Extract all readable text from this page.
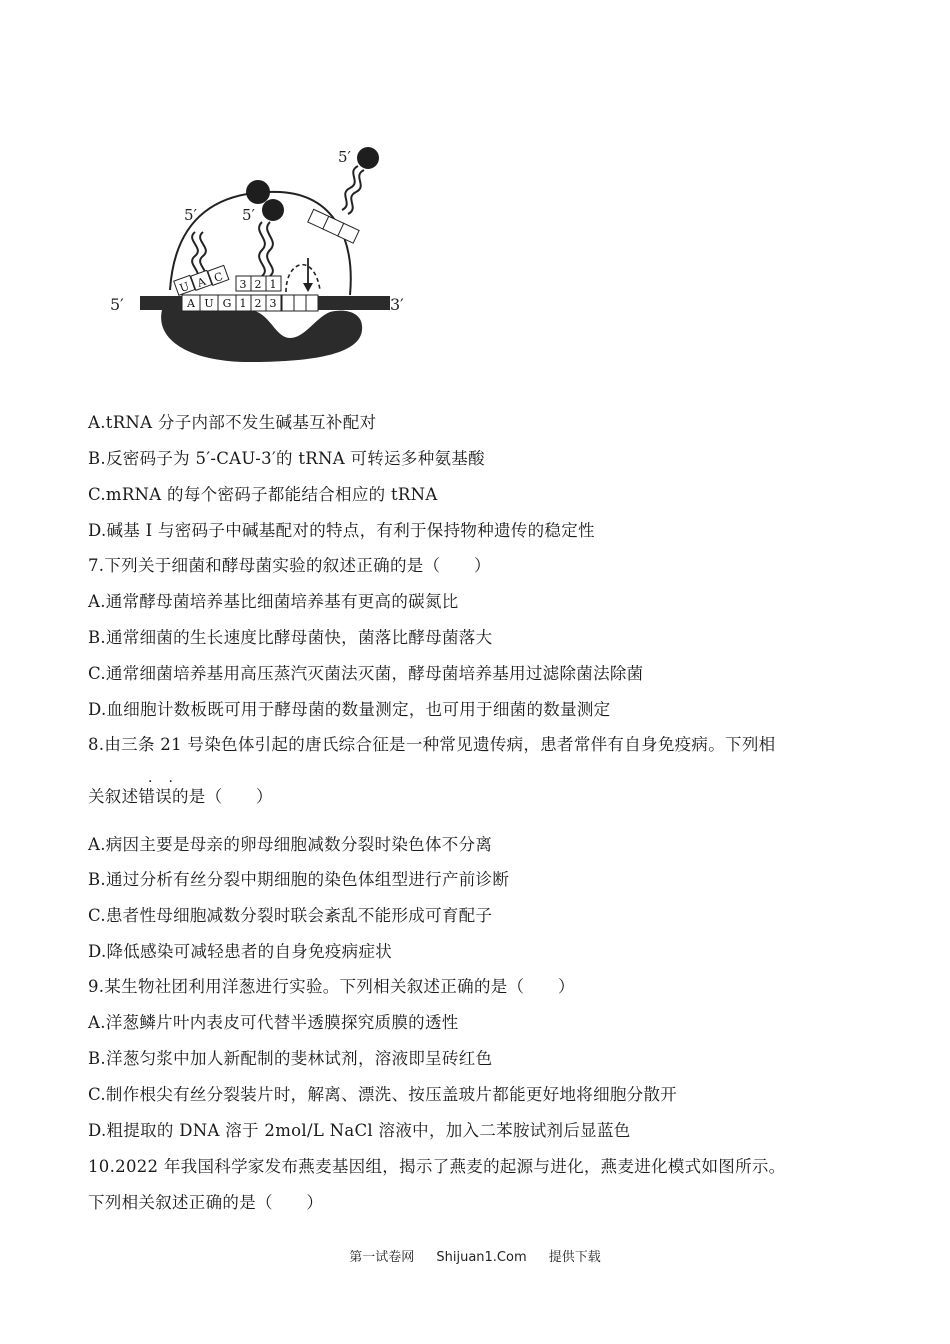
A U G 1 2 3
5′	3′
U A C
5′
3 2 1
5′
5′
A.tRNA 分子内部不发生碱基互补配对
B.反密码子为 5′-CAU-3′的 tRNA 可转运多种氨基酸
C.mRNA 的每个密码子都能结合相应的 tRNA
D.碱基 I 与密码子中碱基配对的特点，有利于保持物种遗传的稳定性
7.下列关于细菌和酵母菌实验的叙述正确的是（　　）
A.通常酵母菌培养基比细菌培养基有更高的碳氮比
B.通常细菌的生长速度比酵母菌快，菌落比酵母菌落大
C.通常细菌培养基用高压蒸汽灭菌法灭菌，酵母菌培养基用过滤除菌法除菌
D.血细胞计数板既可用于酵母菌的数量测定，也可用于细菌的数量测定
8.由三条 21 号染色体引起的唐氏综合征是一种常见遗传病，患者常伴有自身免疫病。下列相
..
关叙述错误的是（　　）
A.病因主要是母亲的卵母细胞减数分裂时染色体不分离
B.通过分析有丝分裂中期细胞的染色体组型进行产前诊断
C.患者性母细胞减数分裂时联会紊乱不能形成可育配子
D.降低感染可减轻患者的自身免疫病症状
9.某生物社团利用洋葱进行实验。下列相关叙述正确的是（　　）
A.洋葱鳞片叶内表皮可代替半透膜探究质膜的透性
B.洋葱匀浆中加人新配制的斐林试剂，溶液即呈砖红色
C.制作根尖有丝分裂装片时，解离、漂洗、按压盖玻片都能更好地将细胞分散开
D.粗提取的 DNA 溶于 2mol/L NaCl 溶液中，加入二苯胺试剂后显蓝色
10.2022 年我国科学家发布燕麦基因组，揭示了燕麦的起源与进化，燕麦进化模式如图所示。
下列相关叙述正确的是（　　）
第一试卷网 Shijuan1.Com 提供下载
